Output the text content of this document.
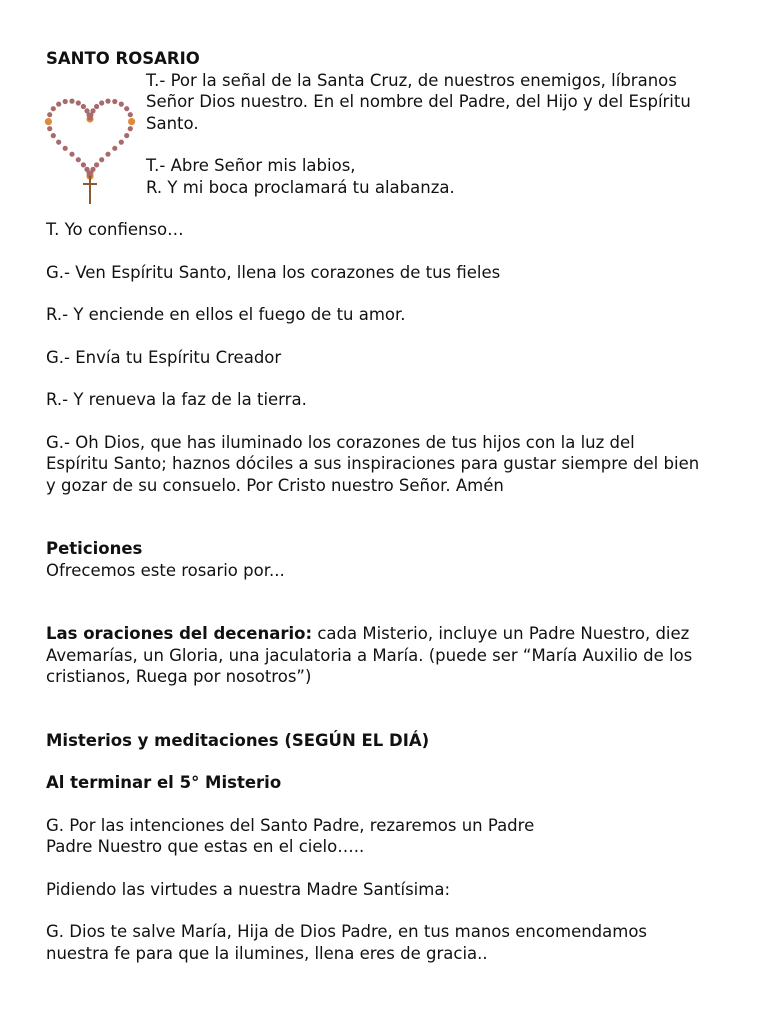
SANTO ROSARIO

T.- Por la señal de la Santa Cruz, de nuestros enemigos, líbranos

Señor Dios nuestro. En el nombre del Padre, del Hijo y del Espíritu

Santo.

T.- Abre Señor mis labios,

R. Y mi boca proclamará tu alabanza.

T. Yo confienso…

G.- Ven Espíritu Santo, llena los corazones de tus fieles

R.- Y enciende en ellos el fuego de tu amor.

G.- Envía tu Espíritu Creador

R.- Y renueva la faz de la tierra.

G.- Oh Dios, que has iluminado los corazones de tus hijos con la luz del

Espíritu Santo; haznos dóciles a sus inspiraciones para gustar siempre del bien

y gozar de su consuelo. Por Cristo nuestro Señor. Amén

Peticiones

Ofrecemos este rosario por...

Las oraciones del decenario: cada Misterio, incluye un Padre Nuestro, diez

Avemarías, un Gloria, una jaculatoria a María. (puede ser “María Auxilio de los

cristianos, Ruega por nosotros”)

Misterios y meditaciones (SEGÚN EL DIÁ)

Al terminar el 5° Misterio

G. Por las intenciones del Santo Padre, rezaremos un Padre

Padre Nuestro que estas en el cielo…..

Pidiendo las virtudes a nuestra Madre Santísima:

G. Dios te salve María, Hija de Dios Padre, en tus manos encomendamos

nuestra fe para que la ilumines, llena eres de gracia..
